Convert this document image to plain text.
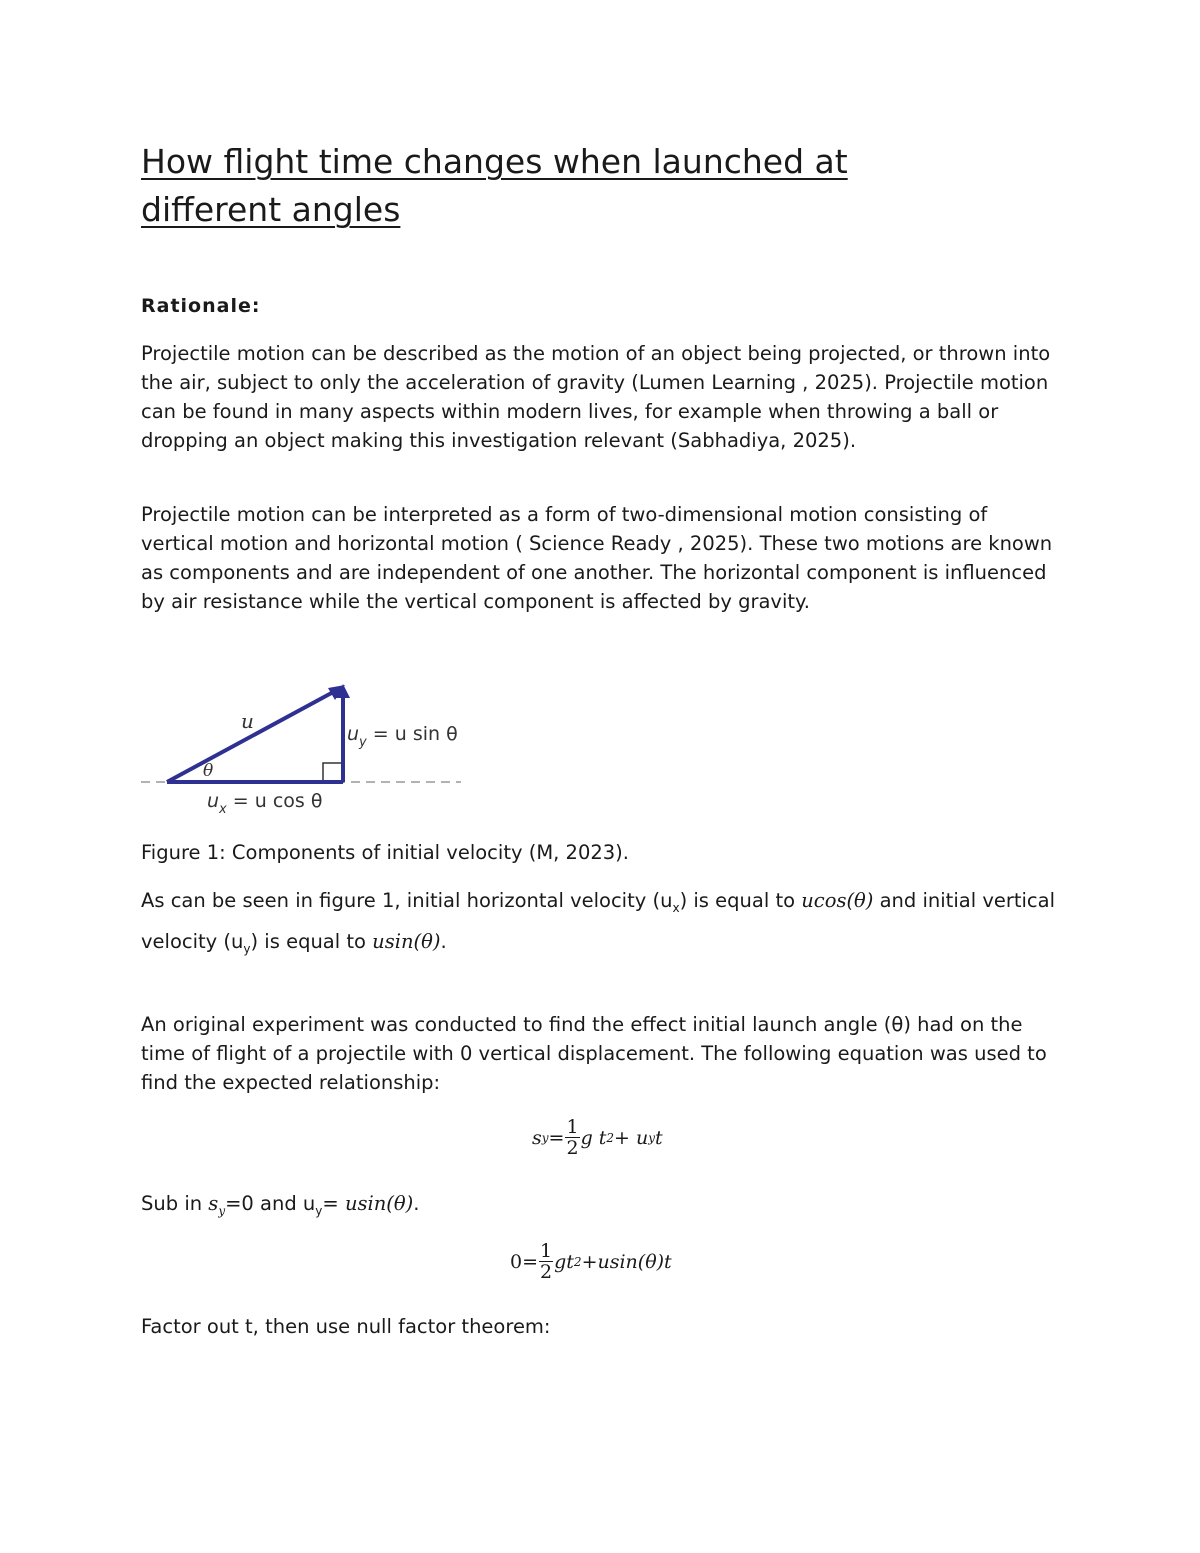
How flight time changes when launched at different angles
Rationale:

Projectile motion can be described as the motion of an object being projected, or thrown into the air, subject to only the acceleration of gravity (Lumen Learning , 2025). Projectile motion can be found in many aspects within modern lives, for example when throwing a ball or dropping an object making this investigation relevant (Sabhadiya, 2025).

Projectile motion can be interpreted as a form of two-dimensional motion consisting of vertical motion and horizontal motion ( Science Ready , 2025). These two motions are known as components and are independent of one another. The horizontal component is influenced by air resistance while the vertical component is affected by gravity.

u
θ
$u_y = u$ sin θ
$u_x = u$ cos θ

Figure 1: Components of initial velocity (M, 2023).

As can be seen in figure 1, initial horizontal velocity $(u_x)$ is equal to ucos(θ) and initial vertical velocity $(u_y)$ is equal to usin(θ).

An original experiment was conducted to find the effect initial launch angle (θ) had on the time of flight of a projectile with 0 vertical displacement. The following equation was used to find the expected relationship:

s $y = \frac{1}{2}$ g t 2 + u y t

Sub in $s_y=0$ and $u_y= usin(\theta)$.

$0= \frac{1}{2}$ gt 2 +usin(θ)t

Factor out t, then use null factor theorem:
